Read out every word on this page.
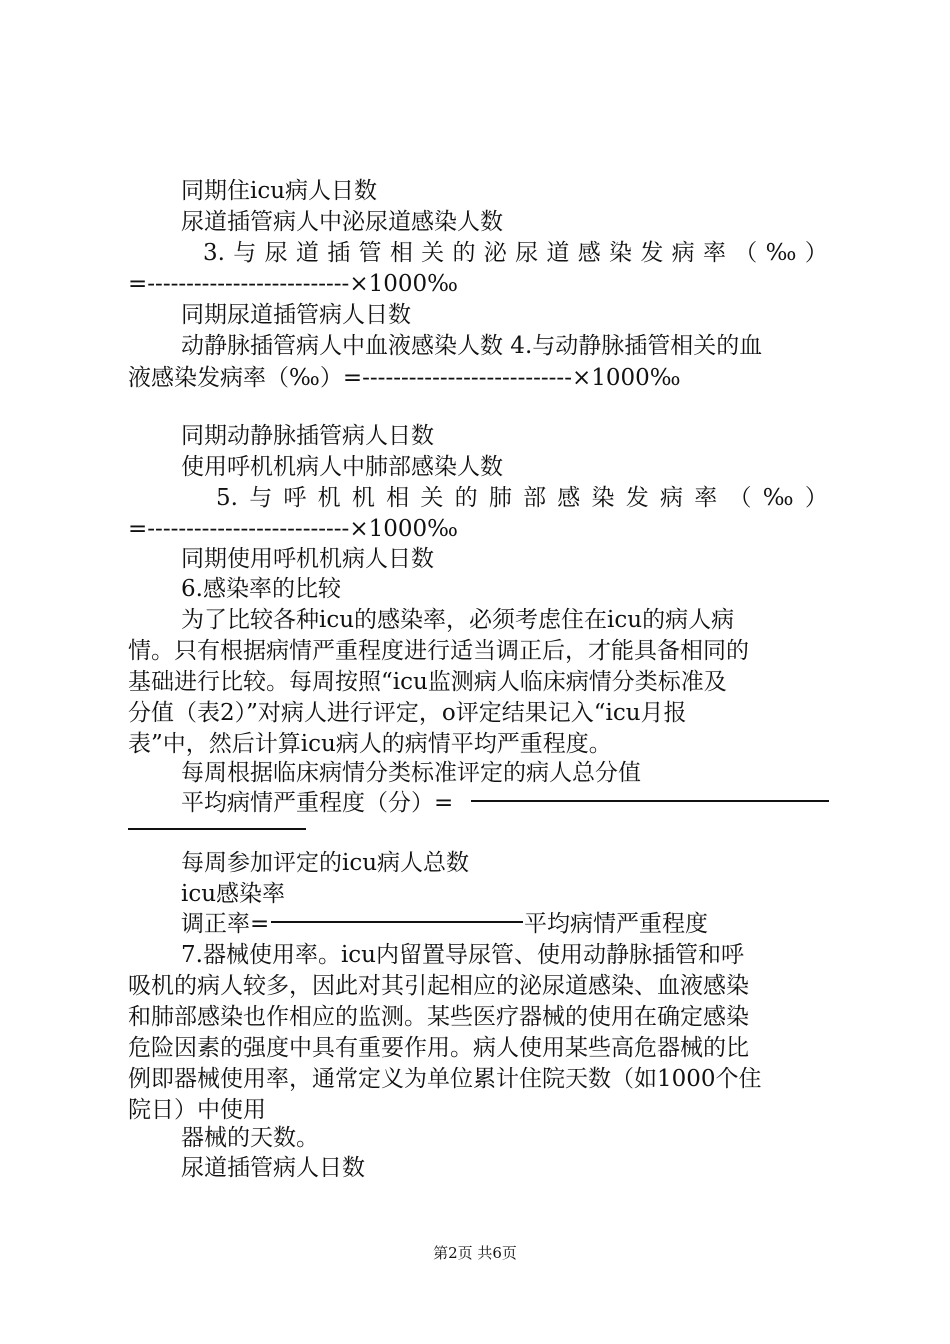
同期住icu病人日数

尿道插管病人中泌尿道感染人数

3. 与 尿 道 插 管 相 关 的 泌 尿 道 感 染 发 病 率 （ ‰ ）

=--------------------------×1000‰

同期尿道插管病人日数

动静脉插管病人中血液感染人数 4.与动静脉插管相关的血

液感染发病率（‰）=---------------------------×1000‰

同期动静脉插管病人日数

使用呼机机病人中肺部感染人数

5. 与 呼 机 机 相 关 的 肺 部 感 染 发 病 率 （ ‰ ）

=--------------------------×1000‰

同期使用呼机机病人日数

6.感染率的比较

为了比较各种icu的感染率，必须考虑住在icu的病人病

情。只有根据病情严重程度进行适当调正后，才能具备相同的

基础进行比较。每周按照“icu监测病人临床病情分类标准及

分值（表2）”对病人进行评定，o评定结果记入“icu月报

表”中，然后计算icu病人的病情平均严重程度。

每周根据临床病情分类标准评定的病人总分值

平均病情严重程度（分）=

每周参加评定的icu病人总数

icu感染率

调正率=	平均病情严重程度

7.器械使用率。icu内留置导尿管、使用动静脉插管和呼

吸机的病人较多，因此对其引起相应的泌尿道感染、血液感染

和肺部感染也作相应的监测。某些医疗器械的使用在确定感染

危险因素的强度中具有重要作用。病人使用某些高危器械的比

例即器械使用率，通常定义为单位累计住院天数（如1000个住

院日）中使用

器械的天数。

尿道插管病人日数

第2页 共6页
